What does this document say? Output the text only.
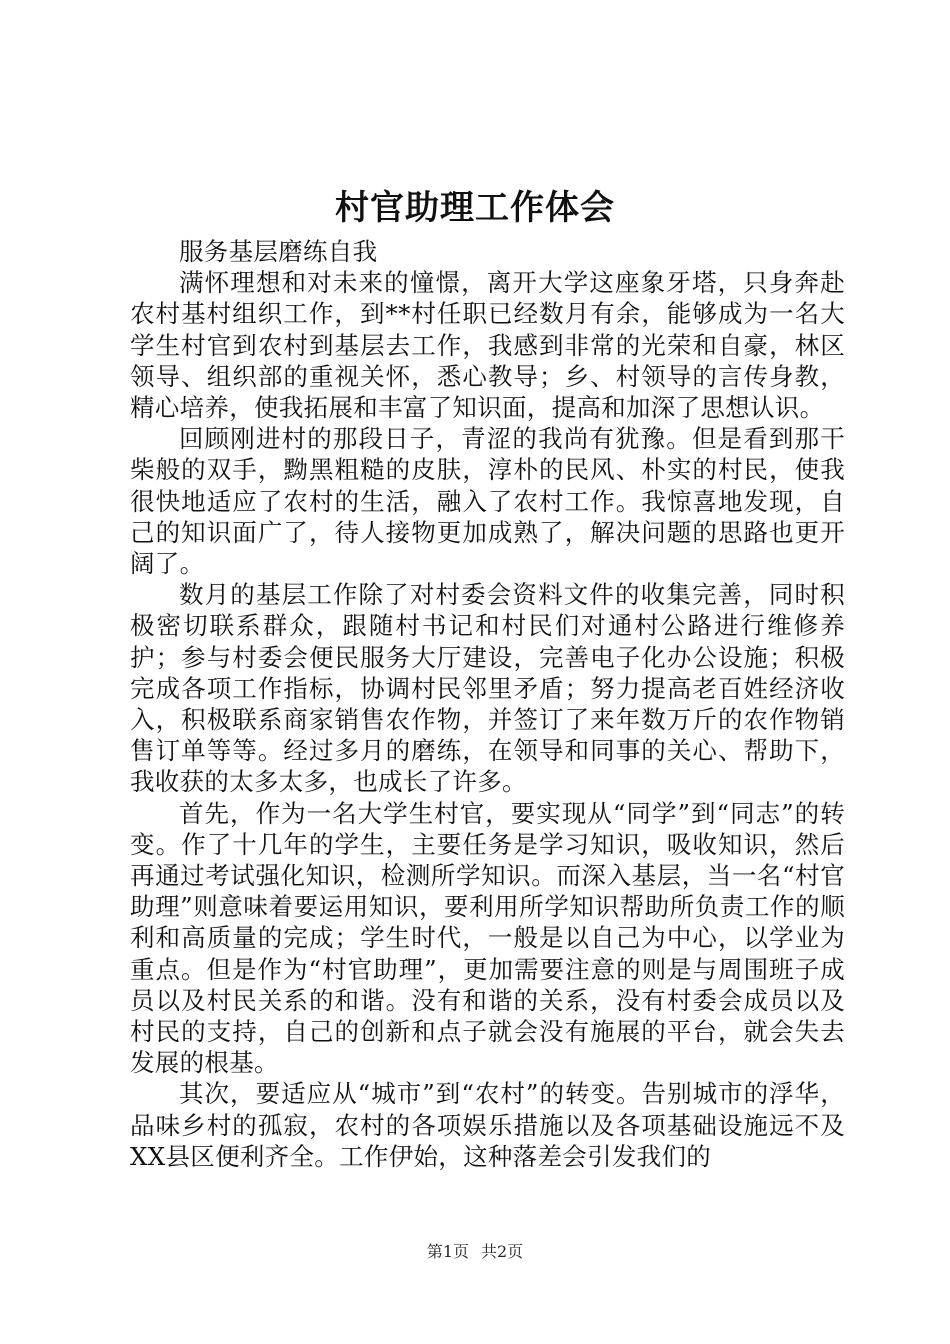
村官助理工作体会

服务基层磨练自我

满怀理想和对未来的憧憬，离开大学这座象牙塔，只身奔赴农村基村组织工作，到**村任职已经数月有余，能够成为一名大学生村官到农村到基层去工作，我感到非常的光荣和自豪，林区领导、组织部的重视关怀，悉心教导；乡、村领导的言传身教，精心培养，使我拓展和丰富了知识面，提高和加深了思想认识。

回顾刚进村的那段日子，青涩的我尚有犹豫。但是看到那干柴般的双手，黝黑粗糙的皮肤，淳朴的民风、朴实的村民，使我很快地适应了农村的生活，融入了农村工作。我惊喜地发现，自己的知识面广了，待人接物更加成熟了，解决问题的思路也更开阔了。

数月的基层工作除了对村委会资料文件的收集完善，同时积极密切联系群众，跟随村书记和村民们对通村公路进行维修养护；参与村委会便民服务大厅建设，完善电子化办公设施；积极完成各项工作指标，协调村民邻里矛盾；努力提高老百姓经济收入，积极联系商家销售农作物，并签订了来年数万斤的农作物销售订单等等。经过多月的磨练，在领导和同事的关心、帮助下，我收获的太多太多，也成长了许多。

首先，作为一名大学生村官，要实现从“同学”到“同志”的转变。作了十几年的学生，主要任务是学习知识，吸收知识，然后再通过考试强化知识，检测所学知识。而深入基层，当一名“村官助理”则意味着要运用知识，要利用所学知识帮助所负责工作的顺利和高质量的完成；学生时代，一般是以自己为中心，以学业为重点。但是作为“村官助理”，更加需要注意的则是与周围班子成员以及村民关系的和谐。没有和谐的关系，没有村委会成员以及村民的支持，自己的创新和点子就会没有施展的平台，就会失去发展的根基。

其次，要适应从“城市”到“农村”的转变。告别城市的浮华，品味乡村的孤寂，农村的各项娱乐措施以及各项基础设施远不及XX县区便利齐全。工作伊始，这种落差会引发我们的

第1页 共2页
